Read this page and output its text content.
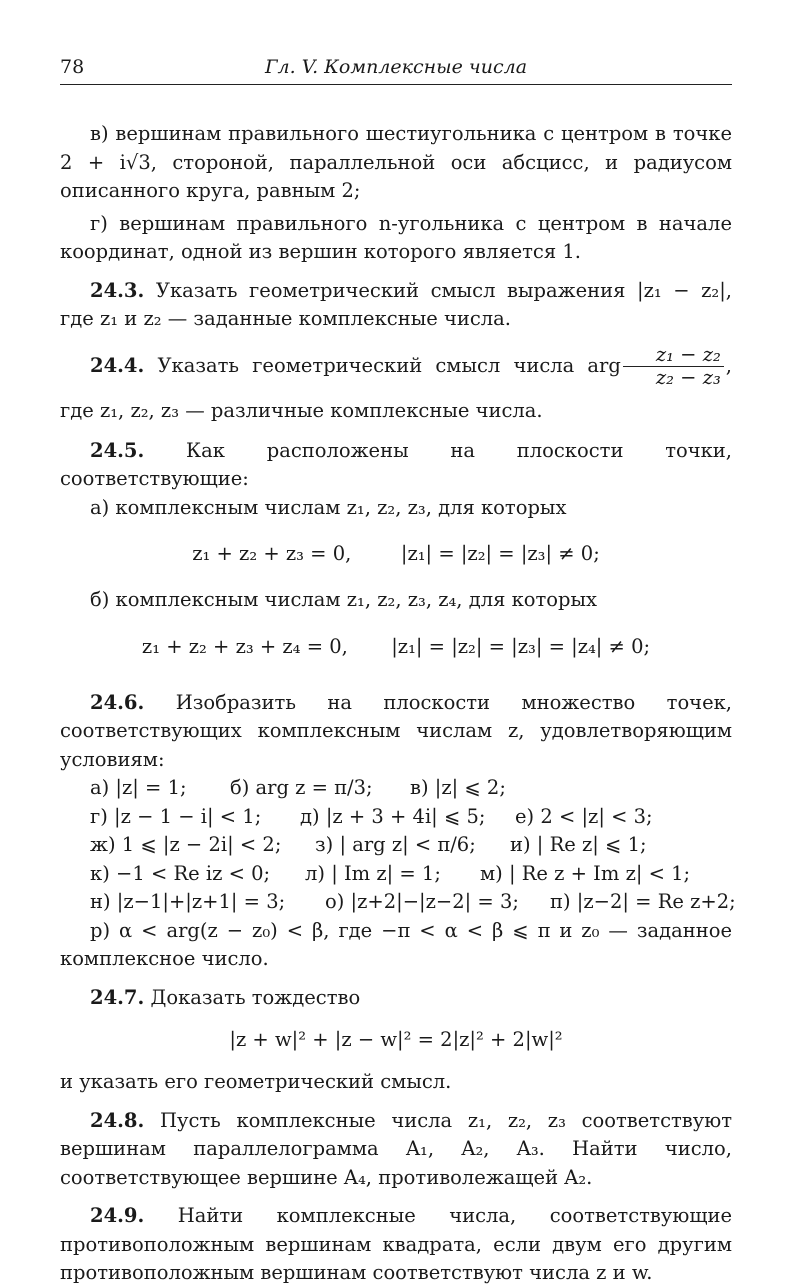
78	Гл. V. Комплексные числа

в) вершинам правильного шестиугольника с центром в точке 2 + i√3, стороной, параллельной оси абсцисс, и радиусом описанного круга, равным 2;

г) вершинам правильного n-угольника с центром в начале координат, одной из вершин которого является 1.

24.3. Указать геометрический смысл выражения |z₁ − z₂|, где z₁ и z₂ — заданные комплексные числа.

24.4. Указать геометрический смысл числа arg $\frac{\text{z₁ − z₂}}{\text{z₂ − z₃}}$ , где z₁, z₂, z₃ — различные комплексные числа.

24.5. Как расположены на плоскости точки, соответствующие:

а) комплексным числам z₁, z₂, z₃, для которых

z₁ + z₂ + z₃ = 0,        |z₁| = |z₂| = |z₃| ≠ 0;

б) комплексным числам z₁, z₂, z₃, z₄, для которых

z₁ + z₂ + z₃ + z₄ = 0,       |z₁| = |z₂| = |z₃| = |z₄| ≠ 0;

24.6. Изобразить на плоскости множество точек, соответствующих комплексным числам z, удовлетворяющим условиям:

а) |z| = 1; б) arg z = π/3; в) |z| ⩽ 2;
г) |z − 1 − i| < 1; д) |z + 3 + 4i| ⩽ 5; е) 2 < |z| < 3;
ж) 1 ⩽ |z − 2i| < 2; з) | arg z| < π/6; и) | Re z| ⩽ 1;
к) −1 < Re iz < 0; л) | Im z| = 1; м) | Re z + Im z| < 1;
н) |z−1|+|z+1| = 3; о) |z+2|−|z−2| = 3; п) |z−2| = Re z+2;

р) α < arg(z − z₀) < β, где −π < α < β ⩽ π и z₀ — заданное комплексное число.

24.7. Доказать тождество

|z + w|² + |z − w|² = 2|z|² + 2|w|²

и указать его геометрический смысл.

24.8. Пусть комплексные числа z₁, z₂, z₃ соответствуют вершинам параллелограмма A₁, A₂, A₃. Найти число, соответствующее вершине A₄, противолежащей A₂.

24.9. Найти комплексные числа, соответствующие противоположным вершинам квадрата, если двум его другим противоположным вершинам соответствуют числа z и w.
